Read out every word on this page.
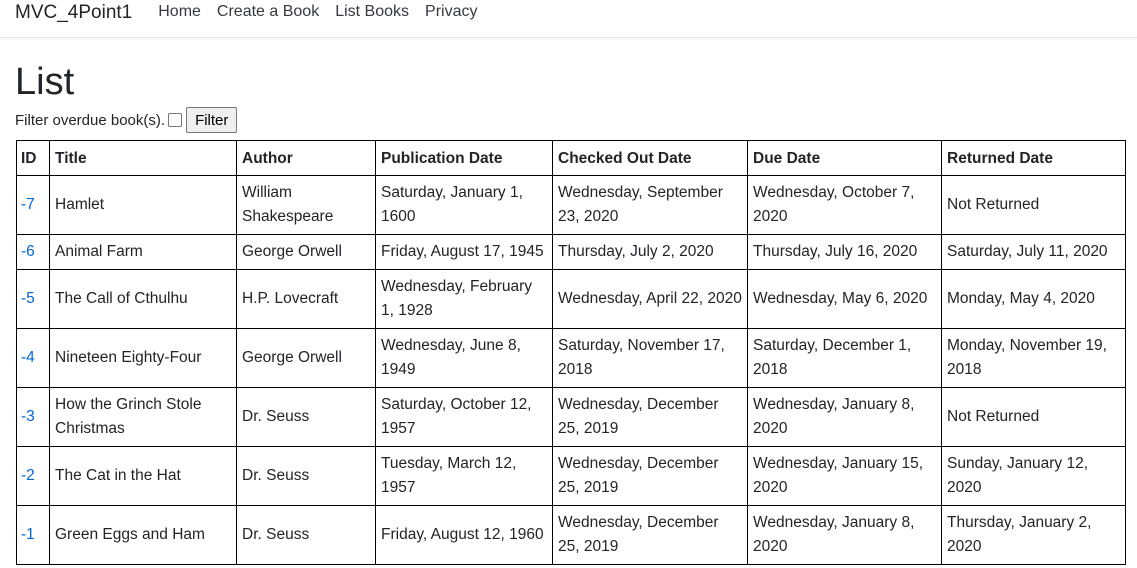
MVC_4Point1 Home Create a Book List Books Privacy
List
Filter overdue book(s).	Filter
ID	Title	Author	Publication Date	Checked Out Date	Due Date	Returned Date
-7	Hamlet	William Shakespeare	Saturday, January 1, 1600	Wednesday, September 23, 2020	Wednesday, October 7, 2020	Not Returned
-6	Animal Farm	George Orwell	Friday, August 17, 1945	Thursday, July 2, 2020	Thursday, July 16, 2020	Saturday, July 11, 2020
-5	The Call of Cthulhu	H.P. Lovecraft	Wednesday, February 1, 1928	Wednesday, April 22, 2020	Wednesday, May 6, 2020	Monday, May 4, 2020
-4	Nineteen Eighty-Four	George Orwell	Wednesday, June 8, 1949	Saturday, November 17, 2018	Saturday, December 1, 2018	Monday, November 19, 2018
-3	How the Grinch Stole Christmas	Dr. Seuss	Saturday, October 12, 1957	Wednesday, December 25, 2019	Wednesday, January 8, 2020	Not Returned
-2	The Cat in the Hat	Dr. Seuss	Tuesday, March 12, 1957	Wednesday, December 25, 2019	Wednesday, January 15, 2020	Sunday, January 12, 2020
-1	Green Eggs and Ham	Dr. Seuss	Friday, August 12, 1960	Wednesday, December 25, 2019	Wednesday, January 8, 2020	Thursday, January 2, 2020
